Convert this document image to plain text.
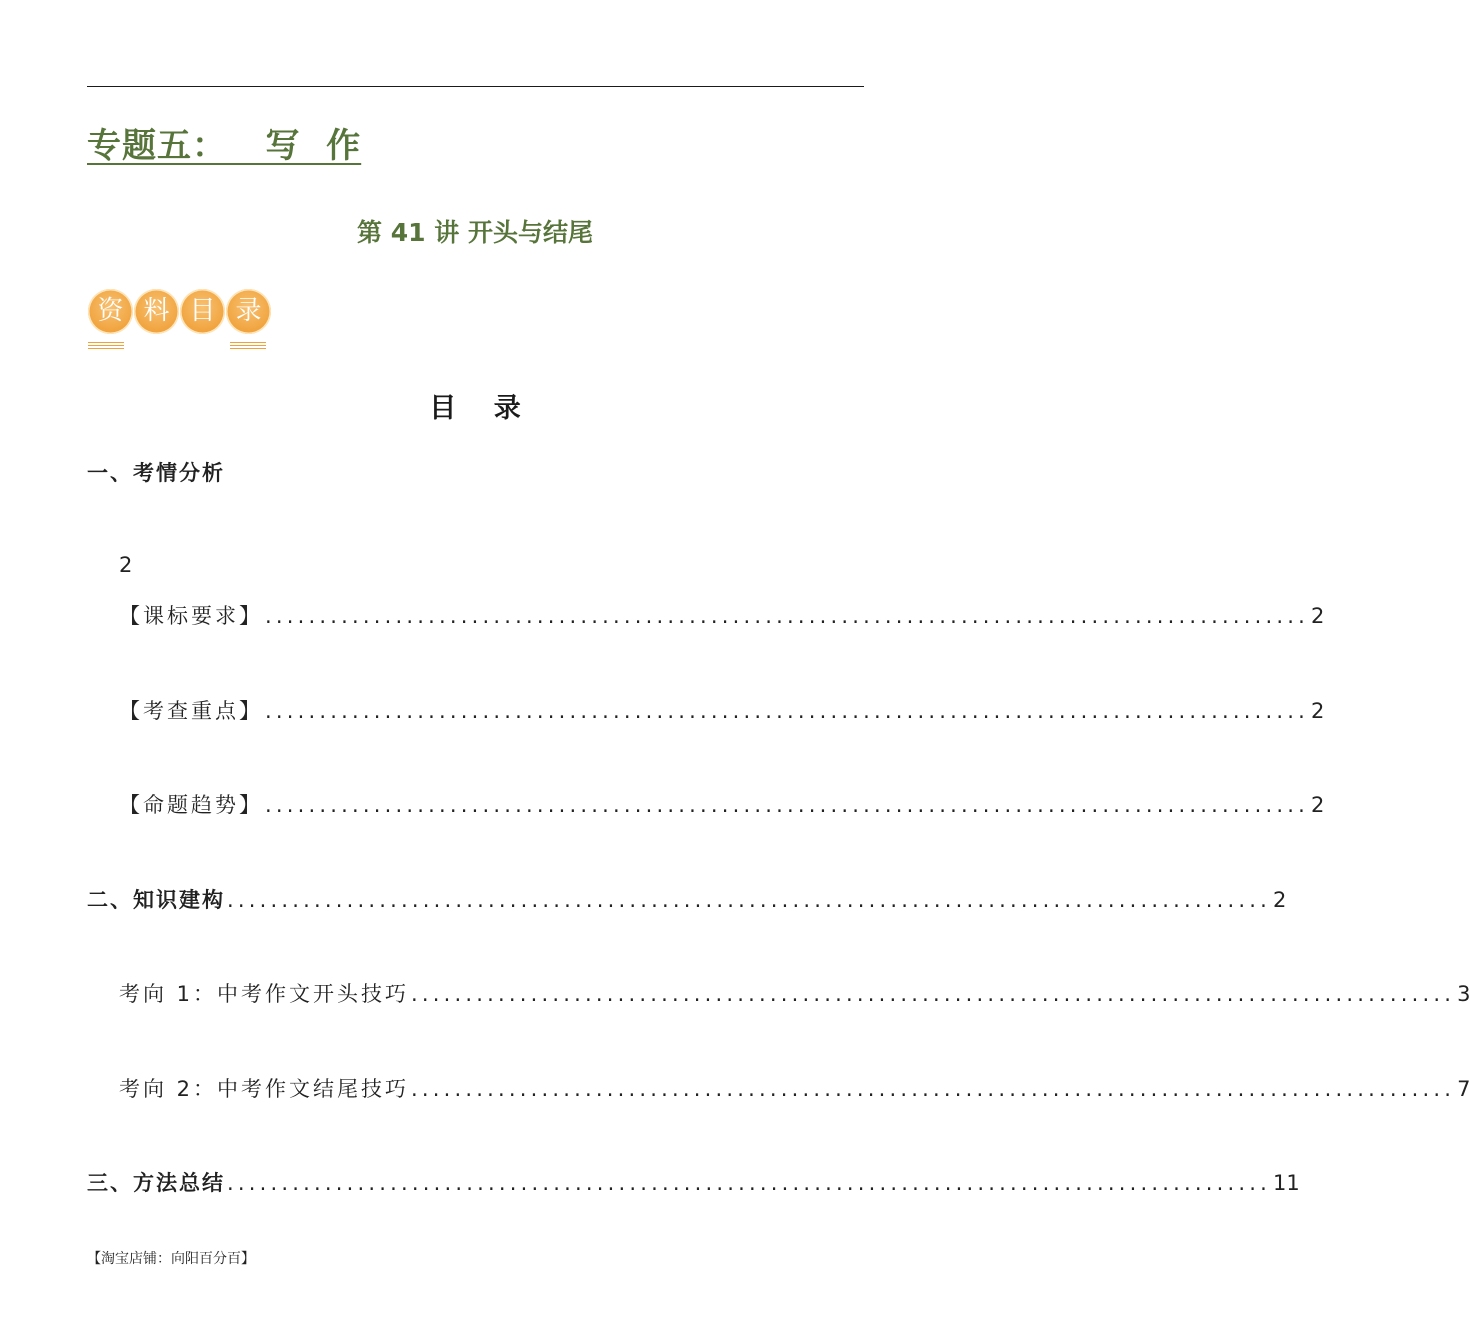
专题五：   写  作
第 41 讲 开头与结尾
资 料 目 录
目    录
一、考情分析
2
【课标要求】 ................................................................................................ 2
【考查重点】 ................................................................................................ 2
【命题趋势】 ................................................................................................ 2
二、知识建构 ................................................................................................ 2
考向 1：中考作文开头技巧 ................................................................................................ 3
考向 2：中考作文结尾技巧 ................................................................................................ 7
三、方法总结 ................................................................................................ 11
【淘宝店铺：向阳百分百】
